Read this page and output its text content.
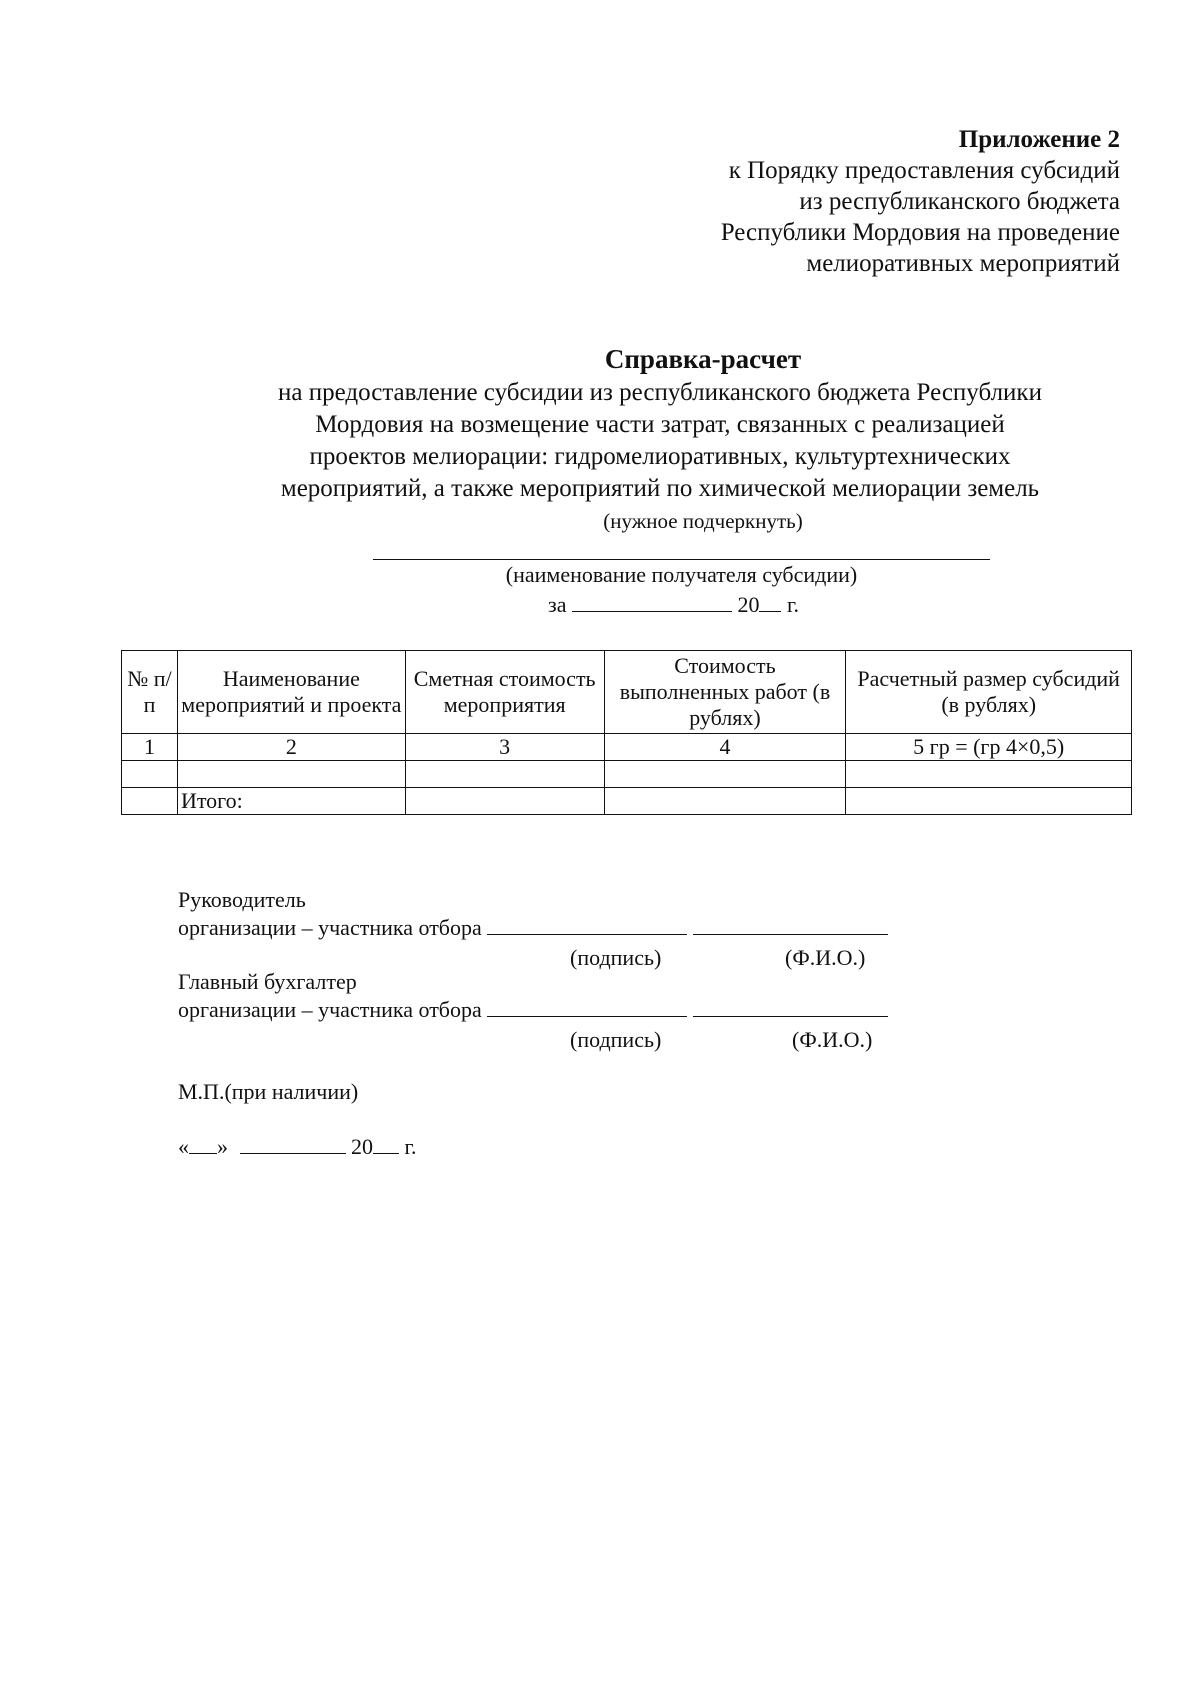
Приложение 2
к Порядку предоставления субсидий
из республиканского бюджета
Республики Мордовия на проведение
мелиоративных мероприятий
Справка-расчет
на предоставление субсидии из республиканского бюджета Республики
Мордовия на возмещение части затрат, связанных с реализацией
проектов мелиорации: гидромелиоративных, культуртехнических
мероприятий, а также мероприятий по химической мелиорации земель
(нужное подчеркнуть)
(наименование получателя субсидии)
за	20 г.
№ п/п	Наименование мероприятий и проекта	Сметная стоимость мероприятия	Стоимость выполненных работ (в рублях)	Расчетный размер субсидий (в рублях)
1	2	3	4	5 гр = (гр 4×0,5)

	Итого:			
Руководитель
организации – участника отбора
(подпись)	(Ф.И.О.)
Главный бухгалтер
организации – участника отбора
(подпись)	(Ф.И.О.)
М.П.(при наличии)
« »	20 г.
